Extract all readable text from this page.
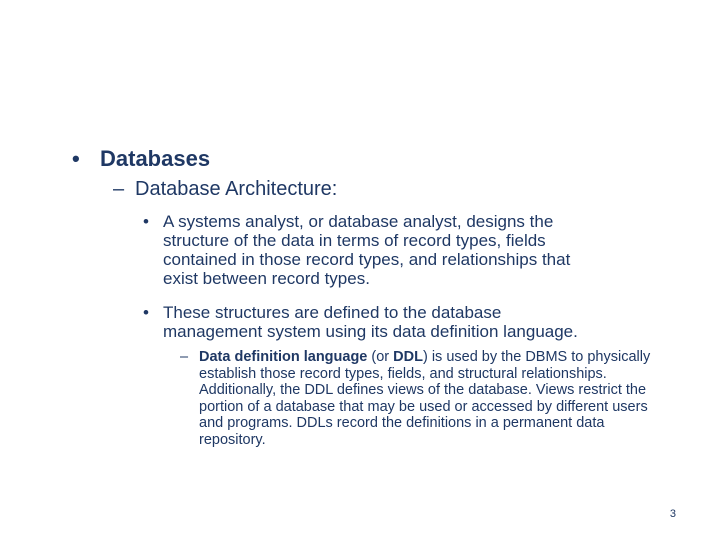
• Databases
– Database Architecture:
• A systems analyst, or database analyst, designs the
structure of the data in terms of record types, fields
contained in those record types, and relationships that
exist between record types.
• These structures are defined to the database
management system using its data definition language.
– Data definition language (or DDL) is used by the DBMS to physically establish those record types, fields, and structural relationships. Additionally, the DDL defines views of the database. Views restrict the portion of a database that may be used or accessed by different users and programs. DDLs record the definitions in a permanent data repository.
3
